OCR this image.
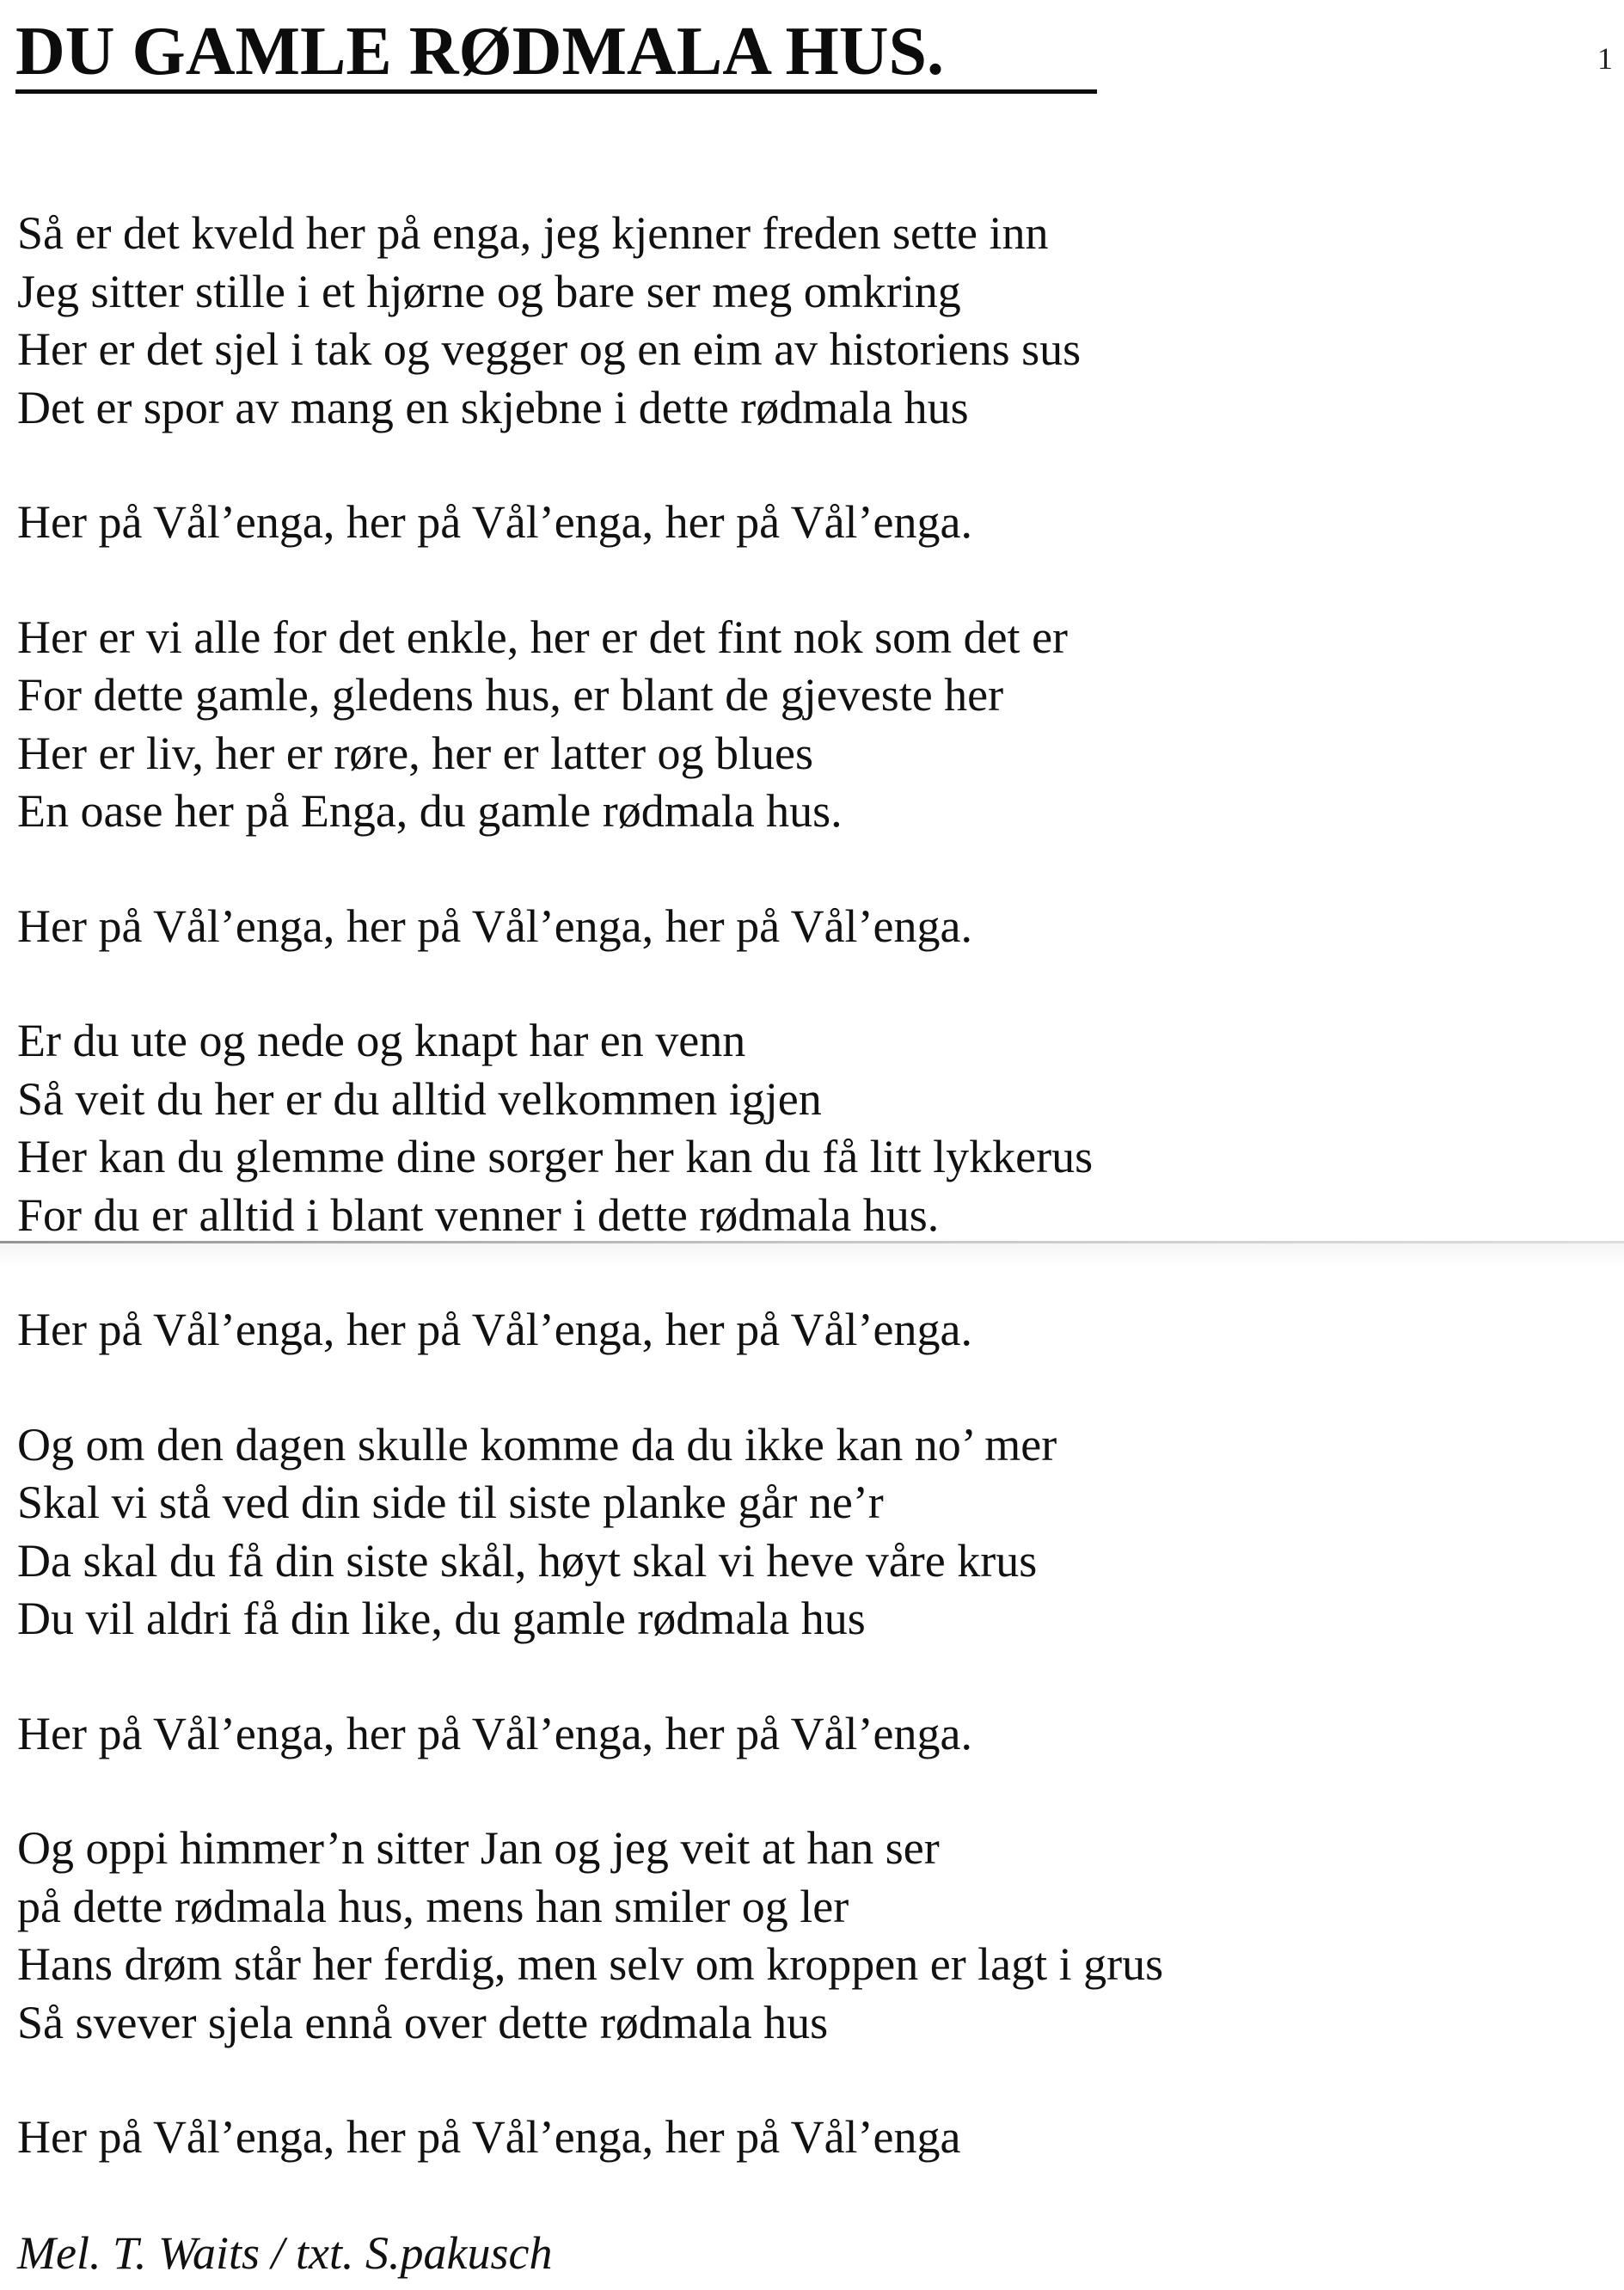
DU GAMLE RØDMALA HUS.	1
Så er det kveld her på enga, jeg kjenner freden sette inn
Jeg sitter stille i et hjørne og bare ser meg omkring
Her er det sjel i tak og vegger og en eim av historiens sus
Det er spor av mang en skjebne i dette rødmala hus
Her på Vål’enga, her på Vål’enga, her på Vål’enga.
Her er vi alle for det enkle, her er det fint nok som det er
For dette gamle, gledens hus, er blant de gjeveste her
Her er liv, her er røre, her er latter og blues
En oase her på Enga, du gamle rødmala hus.
Her på Vål’enga, her på Vål’enga, her på Vål’enga.
Er du ute og nede og knapt har en venn
Så veit du her er du alltid velkommen igjen
Her kan du glemme dine sorger her kan du få litt lykkerus
For du er alltid i blant venner i dette rødmala hus.
Her på Vål’enga, her på Vål’enga, her på Vål’enga.
Og om den dagen skulle komme da du ikke kan no’ mer
Skal vi stå ved din side til siste planke går ne’r
Da skal du få din siste skål, høyt skal vi heve våre krus
Du vil aldri få din like, du gamle rødmala hus
Her på Vål’enga, her på Vål’enga, her på Vål’enga.
Og oppi himmer’n sitter Jan og jeg veit at han ser
på dette rødmala hus, mens han smiler og ler
Hans drøm står her ferdig, men selv om kroppen er lagt i grus
Så svever sjela ennå over dette rødmala hus
Her på Vål’enga, her på Vål’enga, her på Vål’enga
Mel. T. Waits / txt. S.pakusch
